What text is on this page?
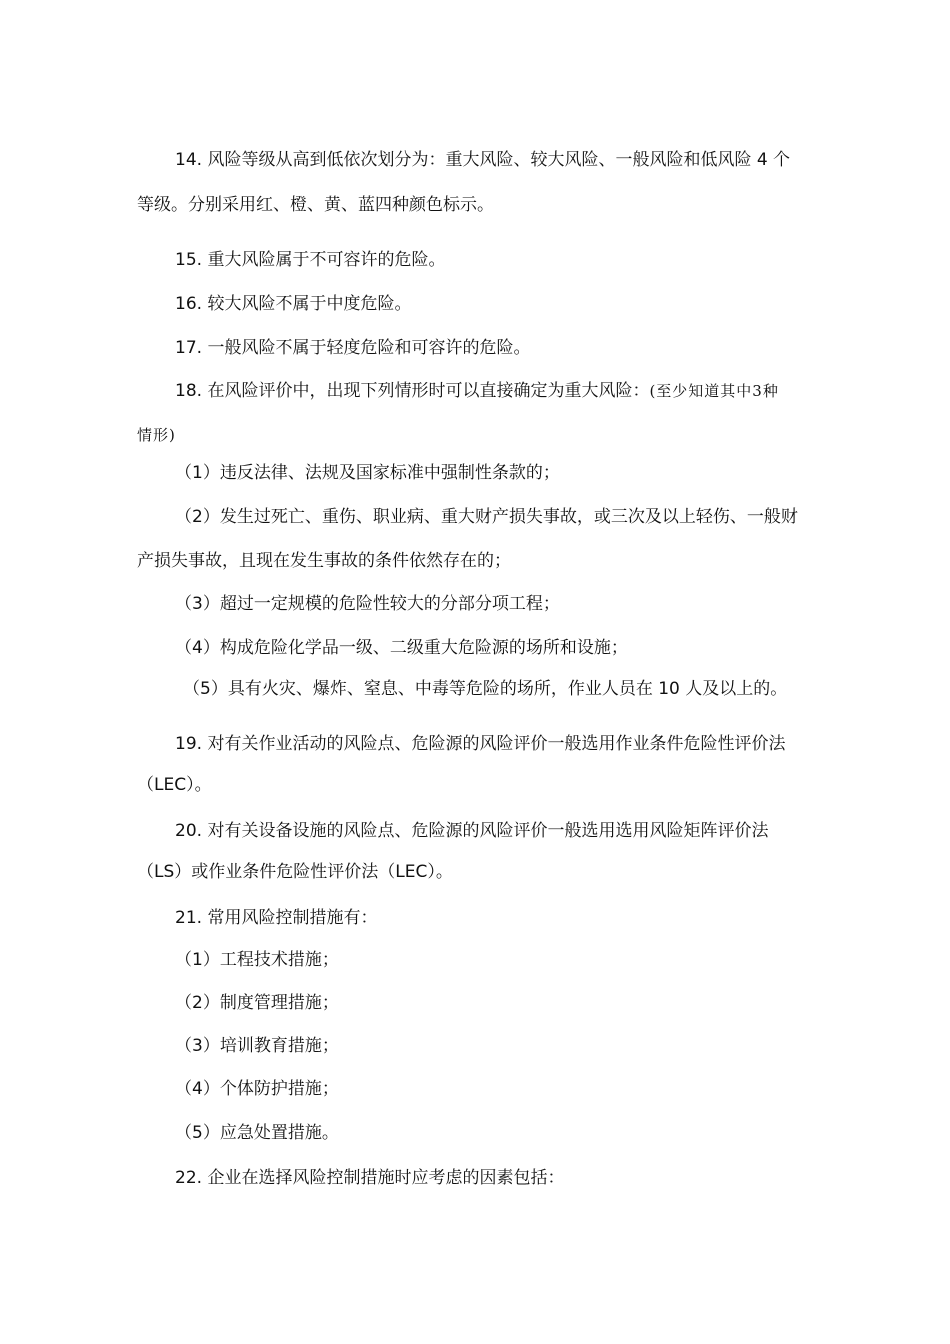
14. 风险等级从高到低依次划分为：重大风险、较大风险、一般风险和低风险 4 个
等级。分别采用红、橙、黄、蓝四种颜色标示。
15. 重大风险属于不可容许的危险。
16. 较大风险不属于中度危险。
17. 一般风险不属于轻度危险和可容许的危险。
18. 在风险评价中，出现下列情形时可以直接确定为重大风险：(至少知道其中3种
情形)
（1）违反法律、法规及国家标准中强制性条款的；
（2）发生过死亡、重伤、职业病、重大财产损失事故，或三次及以上轻伤、一般财
产损失事故，且现在发生事故的条件依然存在的；
（3）超过一定规模的危险性较大的分部分项工程；
（4）构成危险化学品一级、二级重大危险源的场所和设施；
（5）具有火灾、爆炸、窒息、中毒等危险的场所，作业人员在 10 人及以上的。
19. 对有关作业活动的风险点、危险源的风险评价一般选用作业条件危险性评价法
（LEC）。
20. 对有关设备设施的风险点、危险源的风险评价一般选用选用风险矩阵评价法
（LS）或作业条件危险性评价法（LEC）。
21. 常用风险控制措施有：
（1）工程技术措施；
（2）制度管理措施；
（3）培训教育措施；
（4）个体防护措施；
（5）应急处置措施。
22. 企业在选择风险控制措施时应考虑的因素包括：
